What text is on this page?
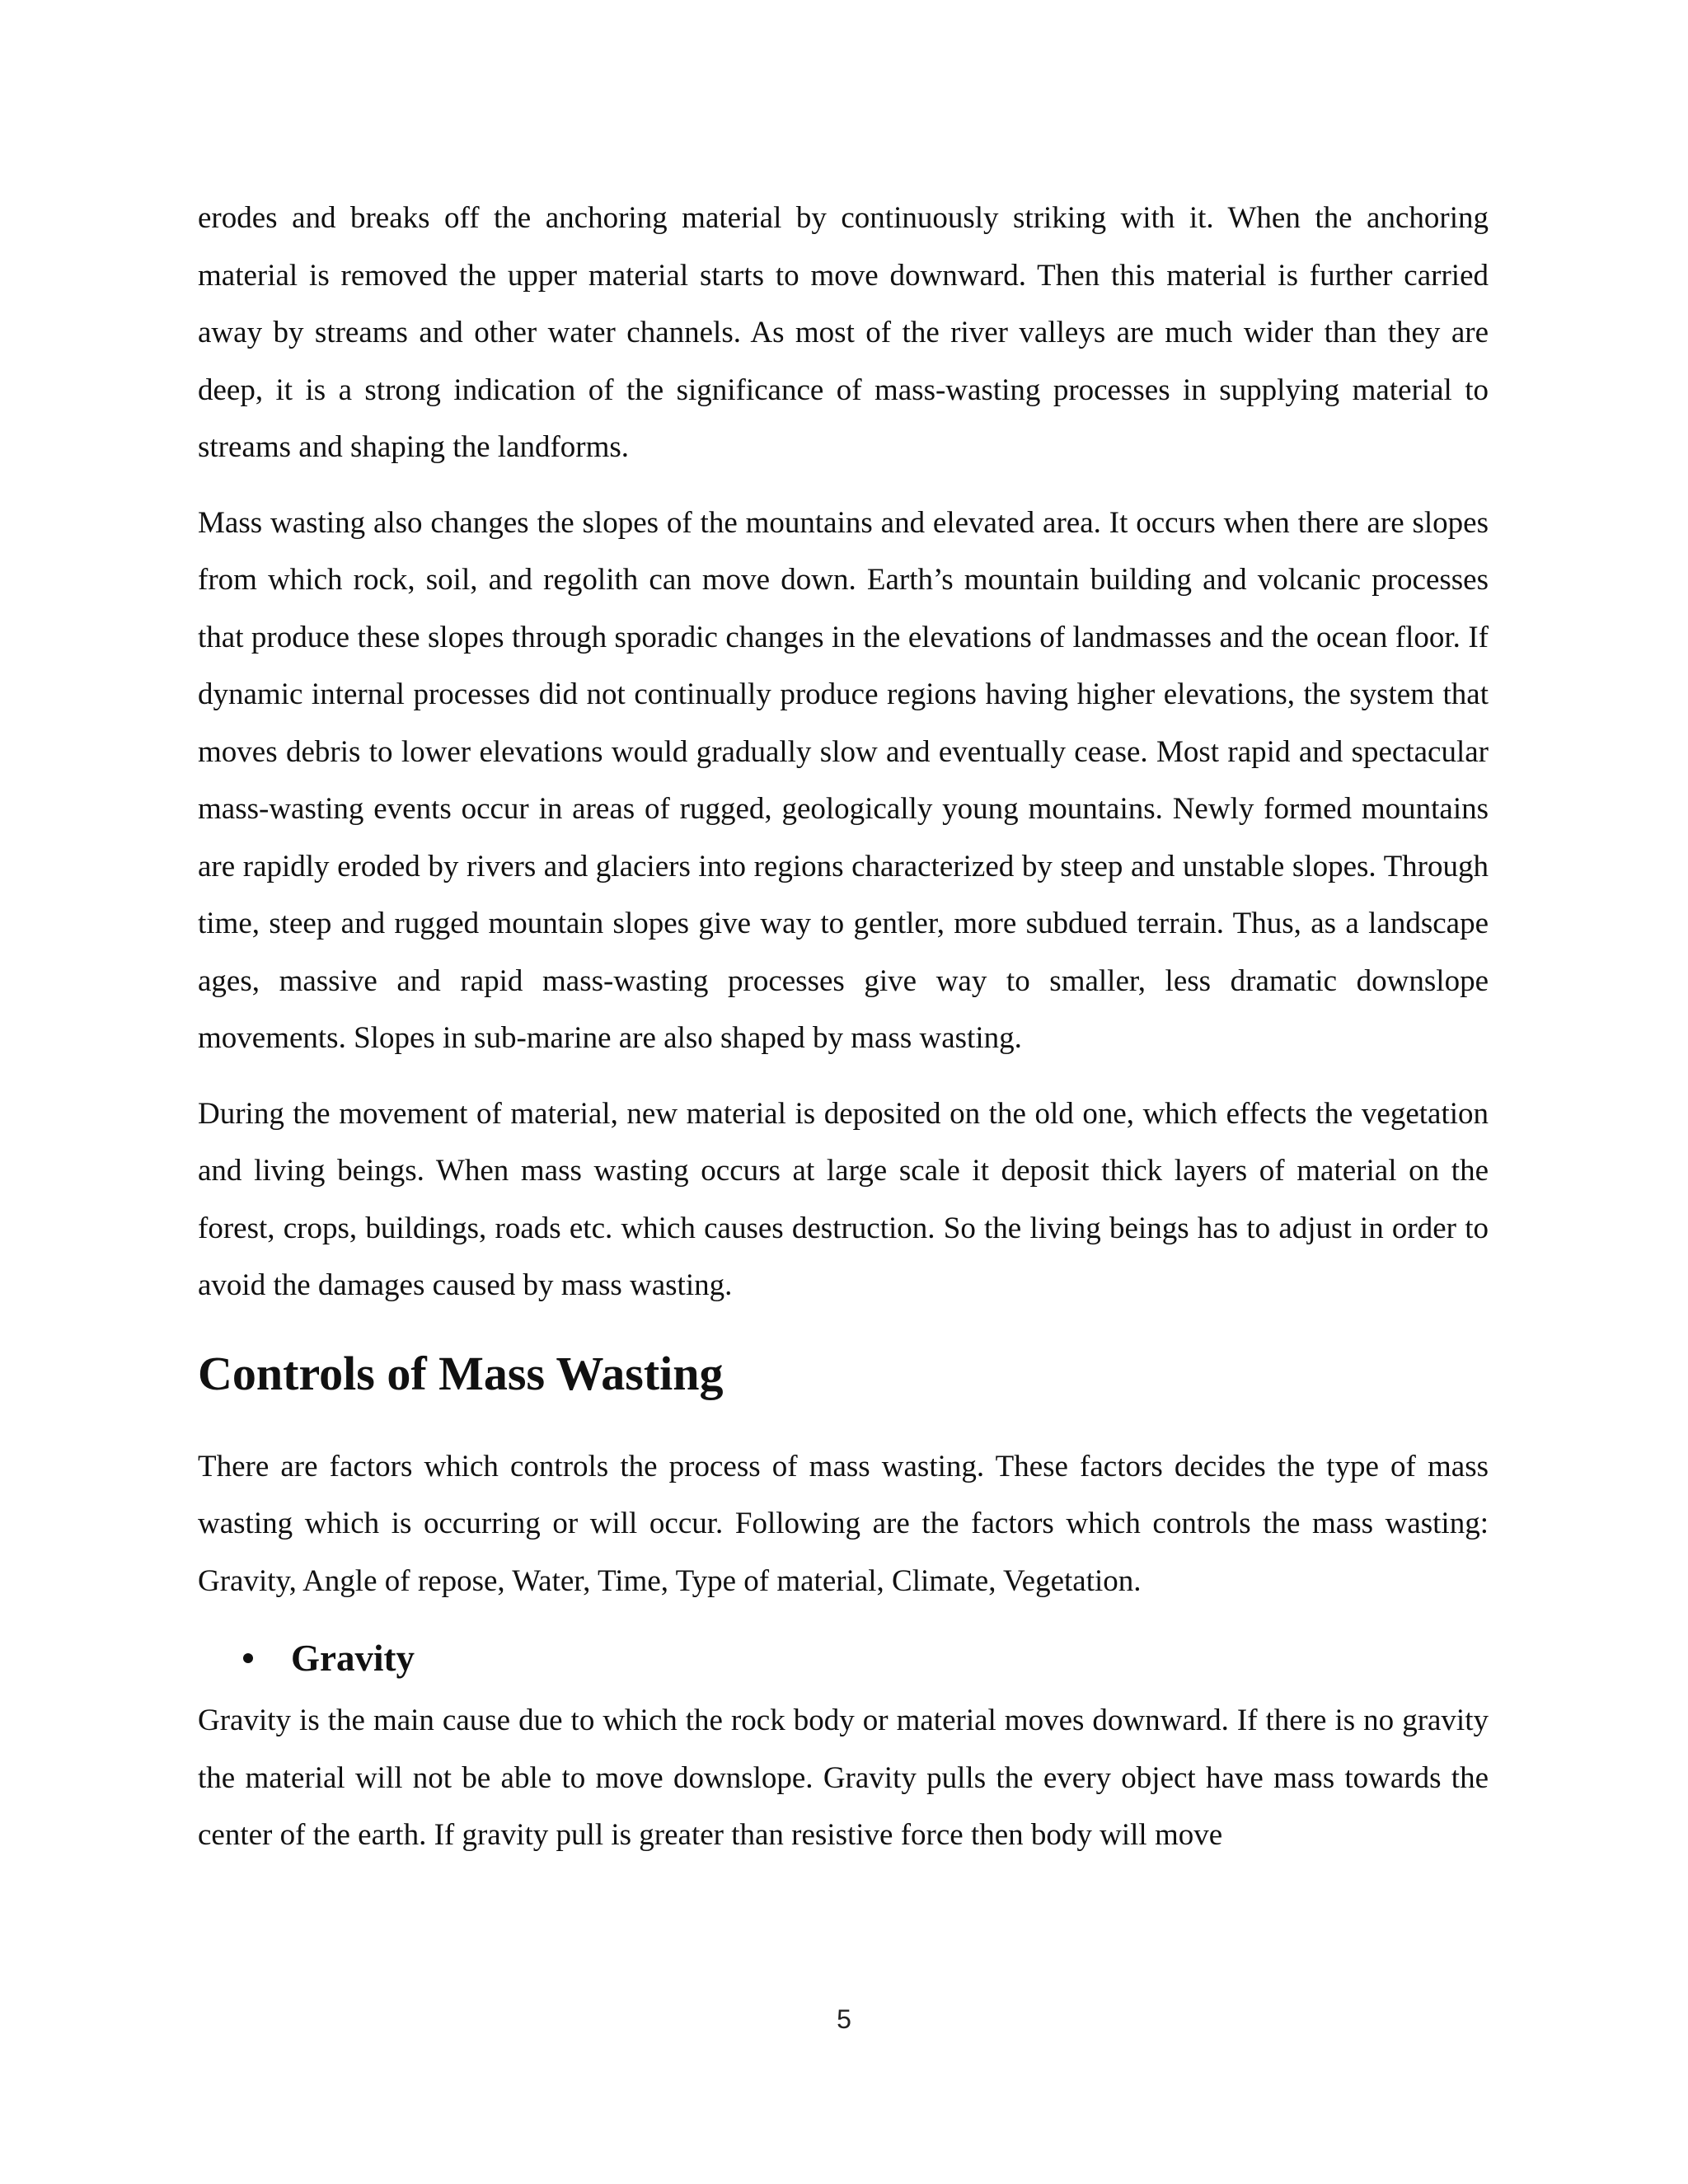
erodes and breaks off the anchoring material by continuously striking with it. When the anchoring material is removed the upper material starts to move downward. Then this material is further carried away by streams and other water channels. As most of the river valleys are much wider than they are deep, it is a strong indication of the significance of mass-wasting processes in supplying material to streams and shaping the landforms.

Mass wasting also changes the slopes of the mountains and elevated area. It occurs when there are slopes from which rock, soil, and regolith can move down. Earth’s mountain building and volcanic processes that produce these slopes through sporadic changes in the elevations of landmasses and the ocean floor. If dynamic internal processes did not continually produce regions having higher elevations, the system that moves debris to lower elevations would gradually slow and eventually cease. Most rapid and spectacular mass-wasting events occur in areas of rugged, geologically young mountains. Newly formed mountains are rapidly eroded by rivers and glaciers into regions characterized by steep and unstable slopes. Through time, steep and rugged mountain slopes give way to gentler, more subdued terrain. Thus, as a landscape ages, massive and rapid mass-wasting processes give way to smaller, less dramatic downslope movements. Slopes in sub-marine are also shaped by mass wasting.

During the movement of material, new material is deposited on the old one, which effects the vegetation and living beings. When mass wasting occurs at large scale it deposit thick layers of material on the forest, crops, buildings, roads etc. which causes destruction. So the living beings has to adjust in order to avoid the damages caused by mass wasting.

Controls of Mass Wasting

There are factors which controls the process of mass wasting. These factors decides the type of mass wasting which is occurring or will occur. Following are the factors which controls the mass wasting: Gravity, Angle of repose, Water, Time, Type of material, Climate, Vegetation.

Gravity

Gravity is the main cause due to which the rock body or material moves downward. If there is no gravity the material will not be able to move downslope. Gravity pulls the every object have mass towards the center of the earth. If gravity pull is greater than resistive force then body will move

5
